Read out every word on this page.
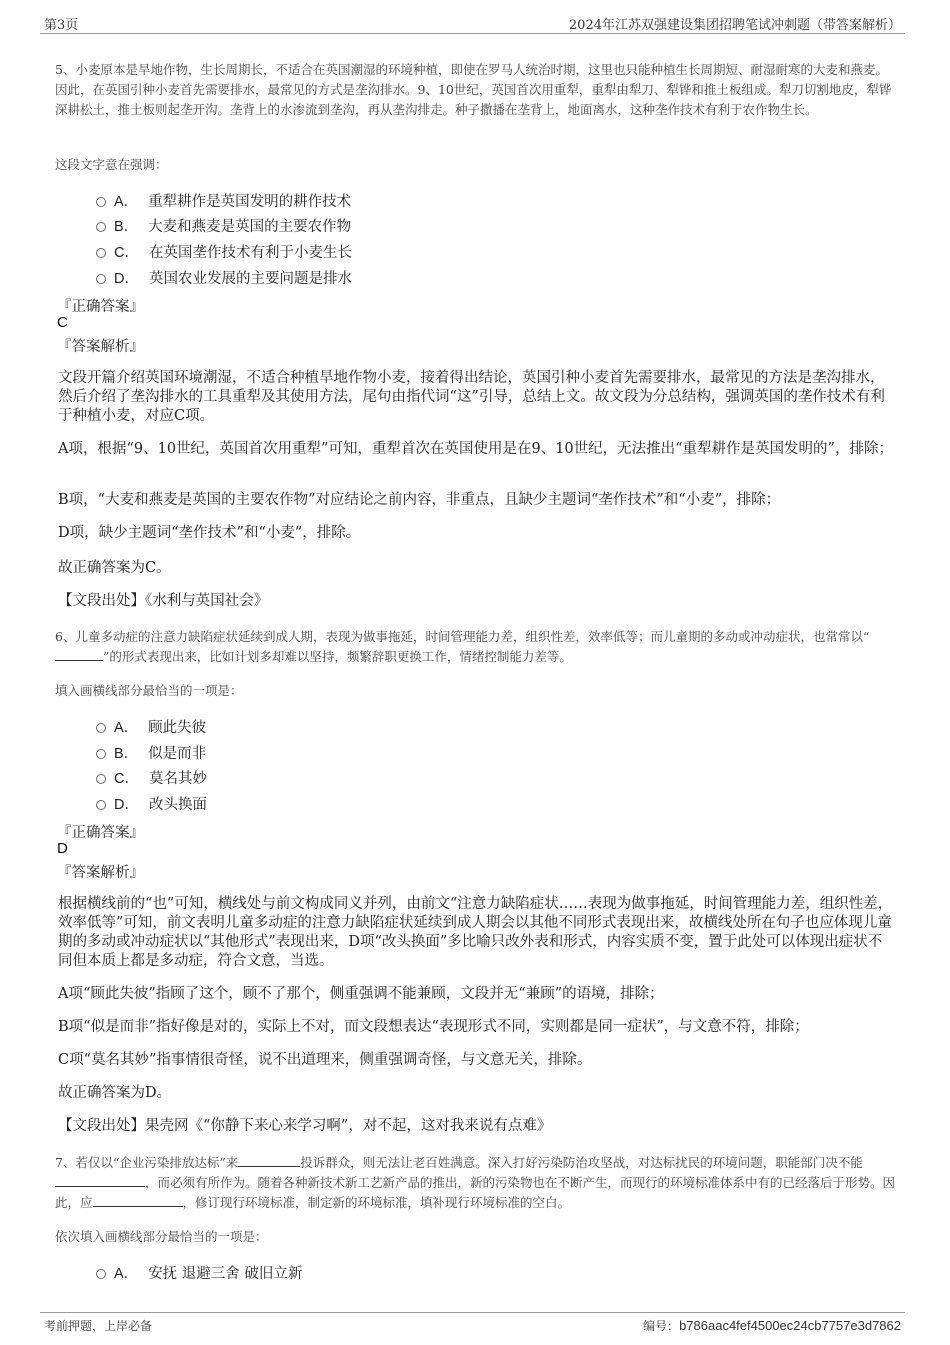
第3页	2024年江苏双强建设集团招聘笔试冲刺题（带答案解析）
5、小麦原本是旱地作物，生长周期长，不适合在英国潮湿的环境种植，即使在罗马人统治时期，这里也只能种植生长周期短、耐湿耐寒的大麦和燕麦。因此，在英国引种小麦首先需要排水，最常见的方式是垄沟排水。9、10世纪，英国首次用重犁，重犁由犁刀、犁铧和推土板组成。犁刀切割地皮，犁铧深耕松土，推土板则起垄开沟。垄背上的水渗流到垄沟，再从垄沟排走。种子撒播在垄背上，地面离水，这种垄作技术有利于农作物生长。
这段文字意在强调：
A． 重犁耕作是英国发明的耕作技术
B． 大麦和燕麦是英国的主要农作物
C． 在英国垄作技术有利于小麦生长
D． 英国农业发展的主要问题是排水
『正确答案』
C
『答案解析』
文段开篇介绍英国环境潮湿，不适合种植旱地作物小麦，接着得出结论，英国引种小麦首先需要排水，最常见的方法是垄沟排水，然后介绍了垄沟排水的工具重犁及其使用方法，尾句由指代词“这”引导，总结上文。故文段为分总结构，强调英国的垄作技术有利于种植小麦，对应C项。
A项，根据“9、10世纪，英国首次用重犁”可知，重犁首次在英国使用是在9、10世纪，无法推出“重犁耕作是英国发明的”，排除；
B项，“大麦和燕麦是英国的主要农作物”对应结论之前内容，非重点，且缺少主题词“垄作技术”和“小麦”，排除；
D项，缺少主题词“垄作技术”和“小麦”，排除。
故正确答案为C。
【文段出处】《水利与英国社会》
6、儿童多动症的注意力缺陷症状延续到成人期，表现为做事拖延，时间管理能力差，组织性差，效率低等；而儿童期的多动或冲动症状，也常常以“”的形式表现出来，比如计划多却难以坚持，频繁辞职更换工作，情绪控制能力差等。
填入画横线部分最恰当的一项是：
A． 顾此失彼
B． 似是而非
C． 莫名其妙
D． 改头换面
『正确答案』
D
『答案解析』
根据横线前的“也”可知，横线处与前文构成同义并列，由前文“注意力缺陷症状……表现为做事拖延，时间管理能力差，组织性差，效率低等”可知，前文表明儿童多动症的注意力缺陷症状延续到成人期会以其他不同形式表现出来，故横线处所在句子也应体现儿童期的多动或冲动症状以“其他形式”表现出来，D项“改头换面”多比喻只改外表和形式，内容实质不变，置于此处可以体现出症状不同但本质上都是多动症，符合文意，当选。
A项“顾此失彼”指顾了这个，顾不了那个，侧重强调不能兼顾，文段并无“兼顾”的语境，排除；
B项“似是而非”指好像是对的，实际上不对，而文段想表达“表现形式不同，实则都是同一症状”，与文意不符，排除；
C项“莫名其妙”指事情很奇怪，说不出道理来，侧重强调奇怪，与文意无关，排除。
故正确答案为D。
【文段出处】果壳网《“你静下来心来学习啊”，对不起，这对我来说有点难》
7、若仅以“企业污染排放达标”来	投诉群众，则无法让老百姓满意。深入打好污染防治攻坚战，对达标扰民的环境问题，职能部门决不能，而必须有所作为。随着各种新技术新工艺新产品的推出，新的污染物也在不断产生，而现行的环境标准体系中有的已经落后于形势。因此，应	，修订现行环境标准，制定新的环境标准，填补现行环境标准的空白。
依次填入画横线部分最恰当的一项是：
A． 安抚 退避三舍 破旧立新
考前押题，上岸必备	编号：b786aac4fef4500ec24cb7757e3d7862
